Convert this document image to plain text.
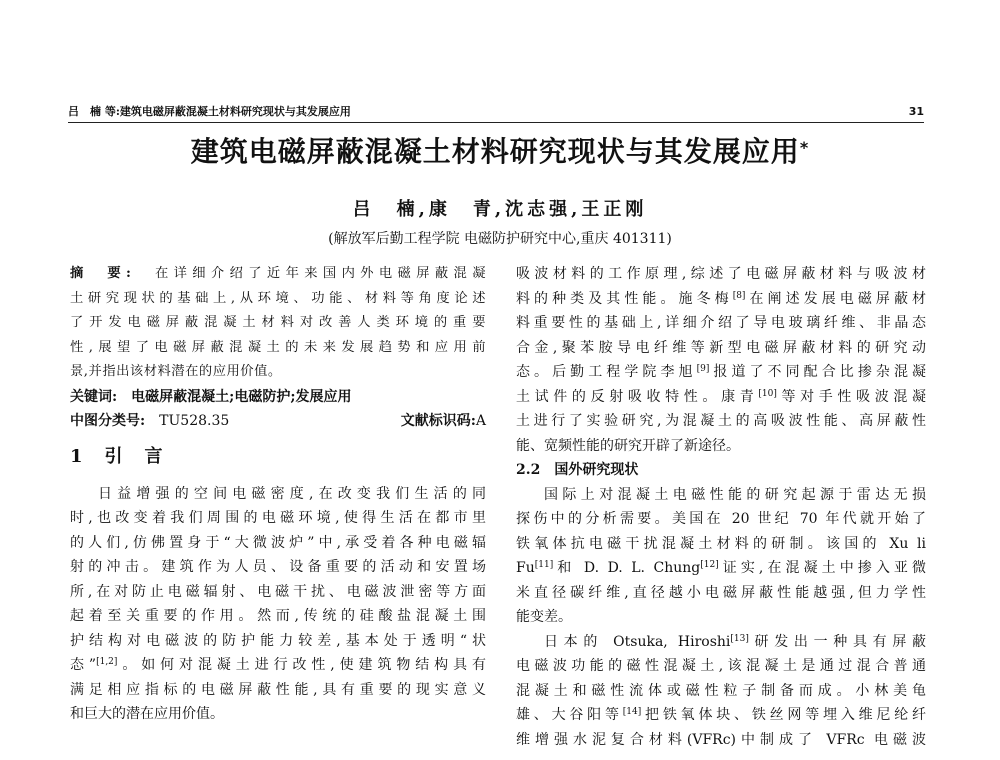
吕　楠 等:建筑电磁屏蔽混凝土材料研究现状与其发展应用	31
建筑电磁屏蔽混凝土材料研究现状与其发展应用*
吕　楠,康　青,沈志强,王正刚
(解放军后勤工程学院 电磁防护研究中心,重庆 401311)
摘　要:　 在详细介绍了近年来国内外电磁屏蔽混凝
土研究现状的基础上,从环境、功能、材料等角度论述
了开发电磁屏蔽混凝土材料对改善人类环境的重要
性,展望了电磁屏蔽混凝土的未来发展趋势和应用前
景,并指出该材料潜在的应用价值。
关键词:　 电磁屏蔽混凝土;电磁防护;发展应用
中图分类号:　 TU528.35	文献标识码:A
1　引　言
日益增强的空间电磁密度,在改变我们生活的同
时,也改变着我们周围的电磁环境,使得生活在都市里
的人们,仿佛置身于“大微波炉”中,承受着各种电磁辐
射的冲击。建筑作为人员、设备重要的活动和安置场
所,在对防止电磁辐射、电磁干扰、电磁波泄密等方面
起着至关重要的作用。然而,传统的硅酸盐混凝土围
护结构对电磁波的防护能力较差,基本处于透明“状
态”[1,2]。如何对混凝土进行改性,使建筑物结构具有
满足相应指标的电磁屏蔽性能,具有重要的现实意义
和巨大的潜在应用价值。
吸波材料的工作原理,综述了电磁屏蔽材料与吸波材
料的种类及其性能。施冬梅[8]在阐述发展电磁屏蔽材
料重要性的基础上,详细介绍了导电玻璃纤维、非晶态
合金,聚苯胺导电纤维等新型电磁屏蔽材料的研究动
态。后勤工程学院李旭[9]报道了不同配合比掺杂混凝
土试件的反射吸收特性。康青[10]等对手性吸波混凝
土进行了实验研究,为混凝土的高吸波性能、高屏蔽性
能、宽频性能的研究开辟了新途径。
2.2　国外研究现状
国际上对混凝土电磁性能的研究起源于雷达无损
探伤中的分析需要。美国在 20 世纪 70 年代就开始了
铁氧体抗电磁干扰混凝土材料的研制。该国的 Xu li
Fu[11]和 D. D. L. Chung[12]证实,在混凝土中掺入亚微
米直径碳纤维,直径越小电磁屏蔽性能越强,但力学性
能变差。
日本的 Otsuka, Hiroshi[13]研发出一种具有屏蔽
电磁波功能的磁性混凝土,该混凝土是通过混合普通
混凝土和磁性流体或磁性粒子制备而成。小林美龟
雄、大谷阳等[14]把铁氧体块、铁丝网等埋入维尼纶纤
维增强水泥复合材料(VFRc)中制成了 VFRc 电磁波
